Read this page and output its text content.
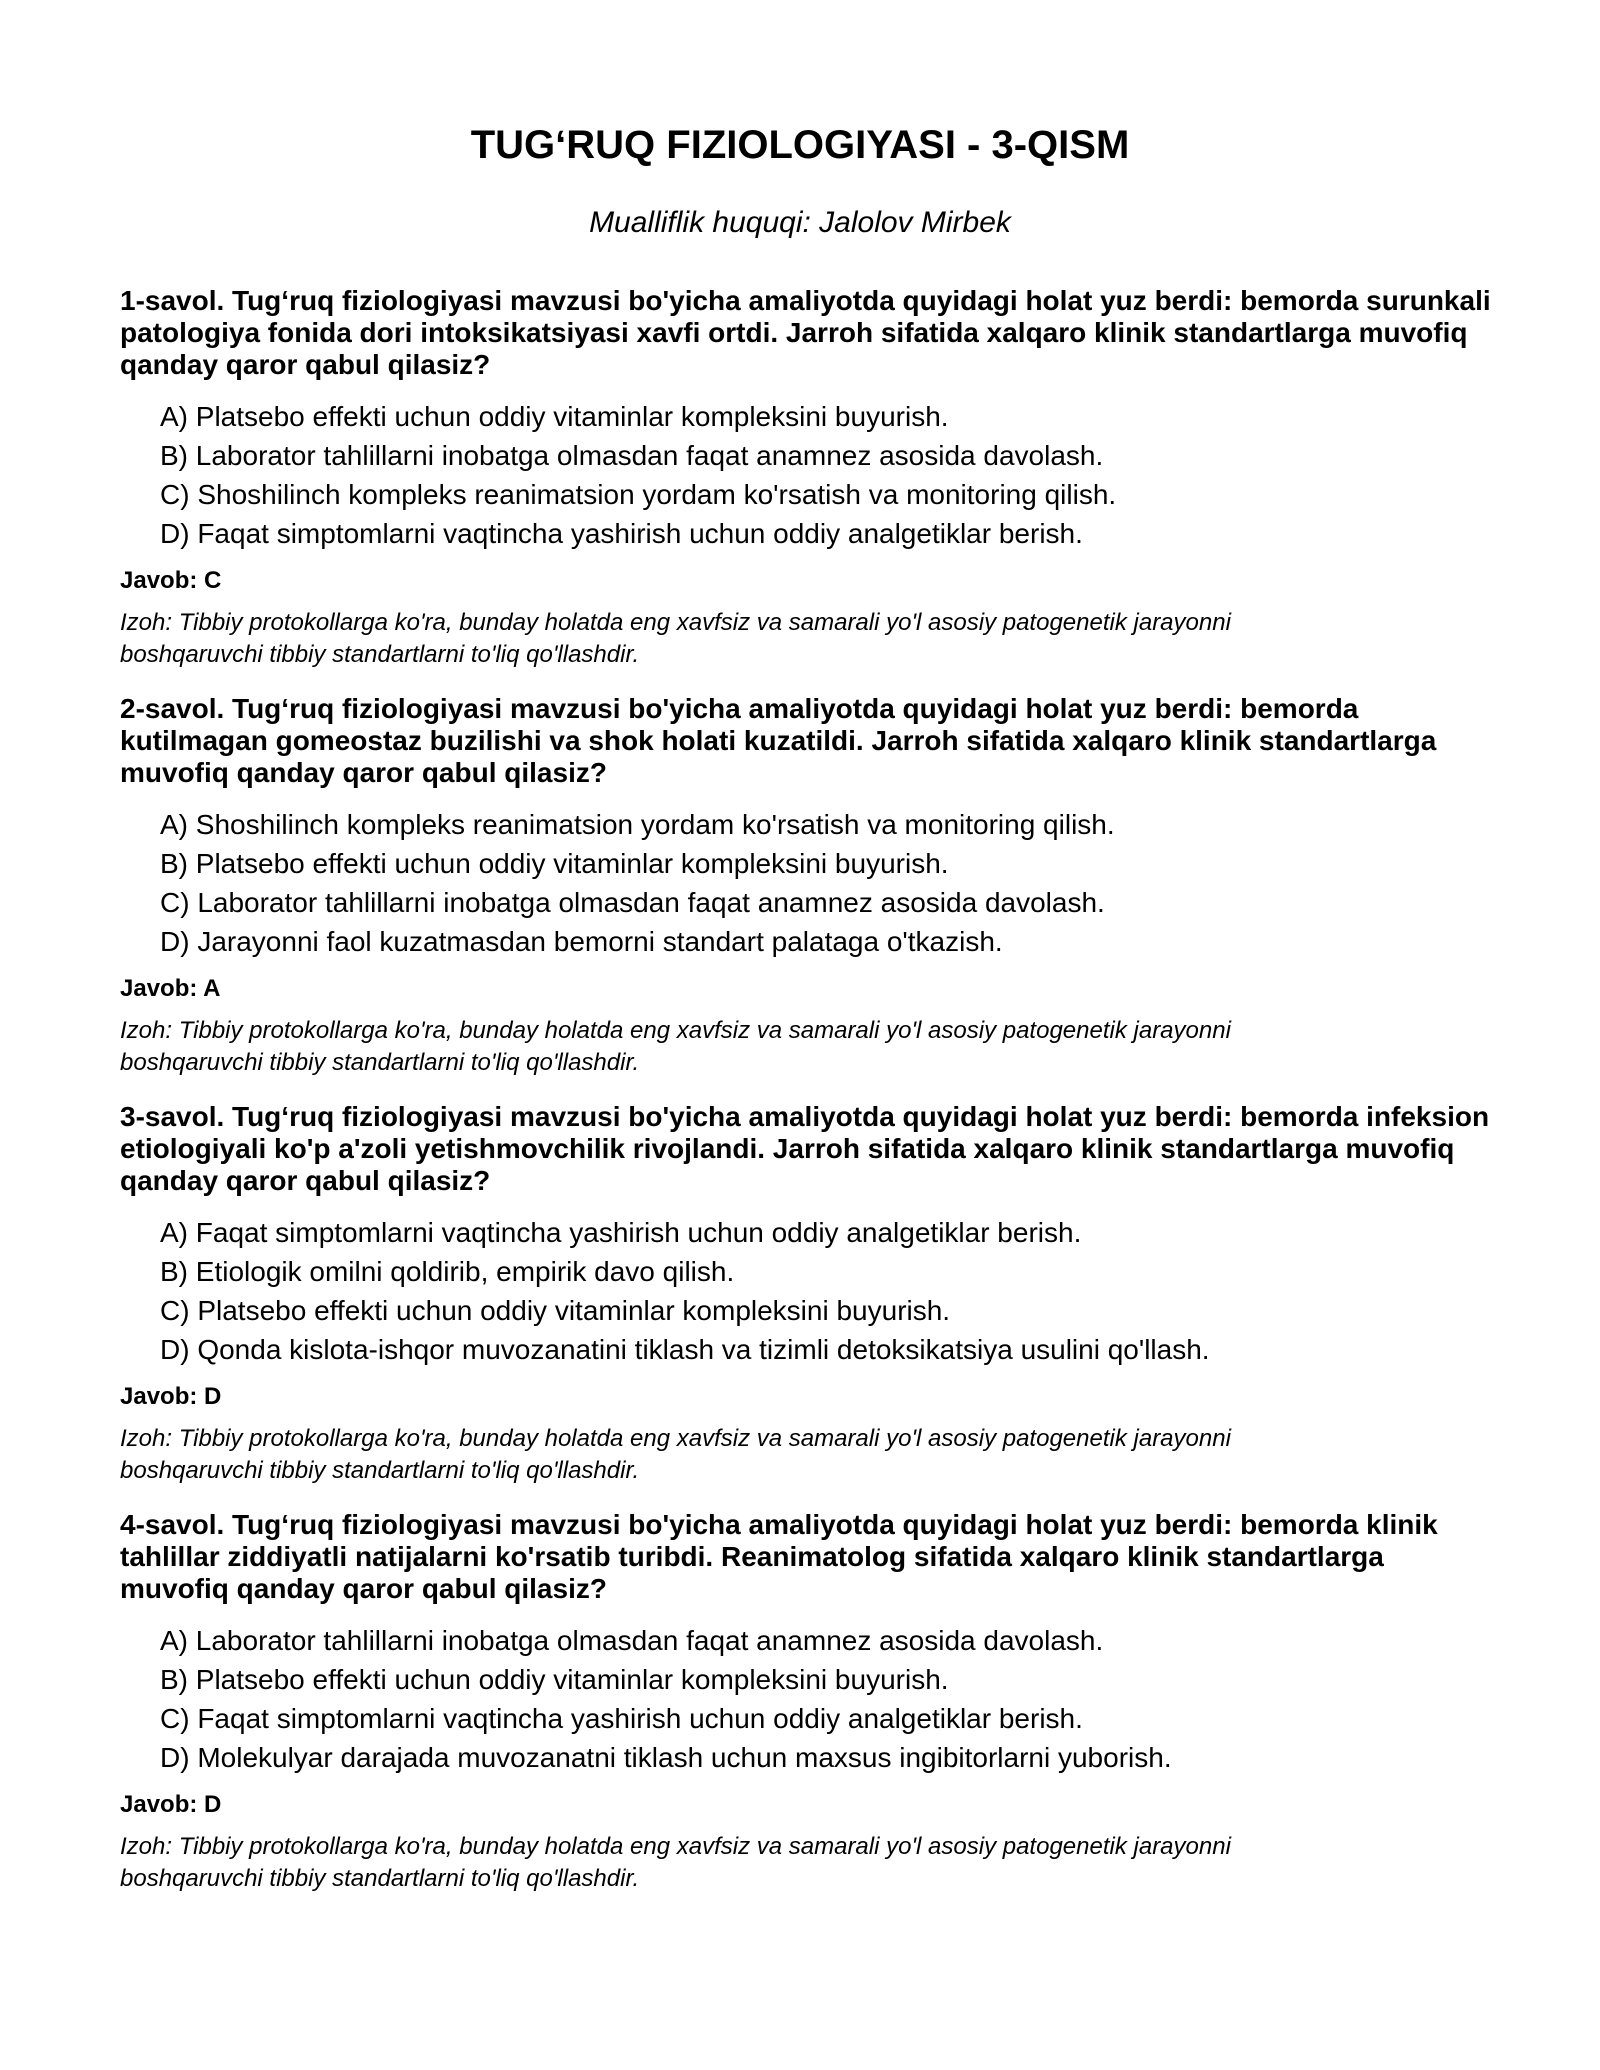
TUG‘RUQ FIZIOLOGIYASI - 3-QISM

Mualliflik huquqi: Jalolov Mirbek

1-savol. Tug‘ruq fiziologiyasi mavzusi bo'yicha amaliyotda quyidagi holat yuz berdi: bemorda surunkali patologiya fonida dori intoksikatsiyasi xavfi ortdi. Jarroh sifatida xalqaro klinik standartlarga muvofiq qanday qaror qabul qilasiz?

A) Platsebo effekti uchun oddiy vitaminlar kompleksini buyurish.
B) Laborator tahlillarni inobatga olmasdan faqat anamnez asosida davolash.
C) Shoshilinch kompleks reanimatsion yordam ko'rsatish va monitoring qilish.
D) Faqat simptomlarni vaqtincha yashirish uchun oddiy analgetiklar berish.

Javob: C

Izoh: Tibbiy protokollarga ko'ra, bunday holatda eng xavfsiz va samarali yo'l asosiy patogenetik jarayonni boshqaruvchi tibbiy standartlarni to'liq qo'llashdir.

2-savol. Tug‘ruq fiziologiyasi mavzusi bo'yicha amaliyotda quyidagi holat yuz berdi: bemorda kutilmagan gomeostaz buzilishi va shok holati kuzatildi. Jarroh sifatida xalqaro klinik standartlarga muvofiq qanday qaror qabul qilasiz?

A) Shoshilinch kompleks reanimatsion yordam ko'rsatish va monitoring qilish.
B) Platsebo effekti uchun oddiy vitaminlar kompleksini buyurish.
C) Laborator tahlillarni inobatga olmasdan faqat anamnez asosida davolash.
D) Jarayonni faol kuzatmasdan bemorni standart palataga o'tkazish.

Javob: A

Izoh: Tibbiy protokollarga ko'ra, bunday holatda eng xavfsiz va samarali yo'l asosiy patogenetik jarayonni boshqaruvchi tibbiy standartlarni to'liq qo'llashdir.

3-savol. Tug‘ruq fiziologiyasi mavzusi bo'yicha amaliyotda quyidagi holat yuz berdi: bemorda infeksion etiologiyali ko'p a'zoli yetishmovchilik rivojlandi. Jarroh sifatida xalqaro klinik standartlarga muvofiq qanday qaror qabul qilasiz?

A) Faqat simptomlarni vaqtincha yashirish uchun oddiy analgetiklar berish.
B) Etiologik omilni qoldirib, empirik davo qilish.
C) Platsebo effekti uchun oddiy vitaminlar kompleksini buyurish.
D) Qonda kislota-ishqor muvozanatini tiklash va tizimli detoksikatsiya usulini qo'llash.

Javob: D

Izoh: Tibbiy protokollarga ko'ra, bunday holatda eng xavfsiz va samarali yo'l asosiy patogenetik jarayonni boshqaruvchi tibbiy standartlarni to'liq qo'llashdir.

4-savol. Tug‘ruq fiziologiyasi mavzusi bo'yicha amaliyotda quyidagi holat yuz berdi: bemorda klinik tahlillar ziddiyatli natijalarni ko'rsatib turibdi. Reanimatolog sifatida xalqaro klinik standartlarga muvofiq qanday qaror qabul qilasiz?

A) Laborator tahlillarni inobatga olmasdan faqat anamnez asosida davolash.
B) Platsebo effekti uchun oddiy vitaminlar kompleksini buyurish.
C) Faqat simptomlarni vaqtincha yashirish uchun oddiy analgetiklar berish.
D) Molekulyar darajada muvozanatni tiklash uchun maxsus ingibitorlarni yuborish.

Javob: D

Izoh: Tibbiy protokollarga ko'ra, bunday holatda eng xavfsiz va samarali yo'l asosiy patogenetik jarayonni boshqaruvchi tibbiy standartlarni to'liq qo'llashdir.
